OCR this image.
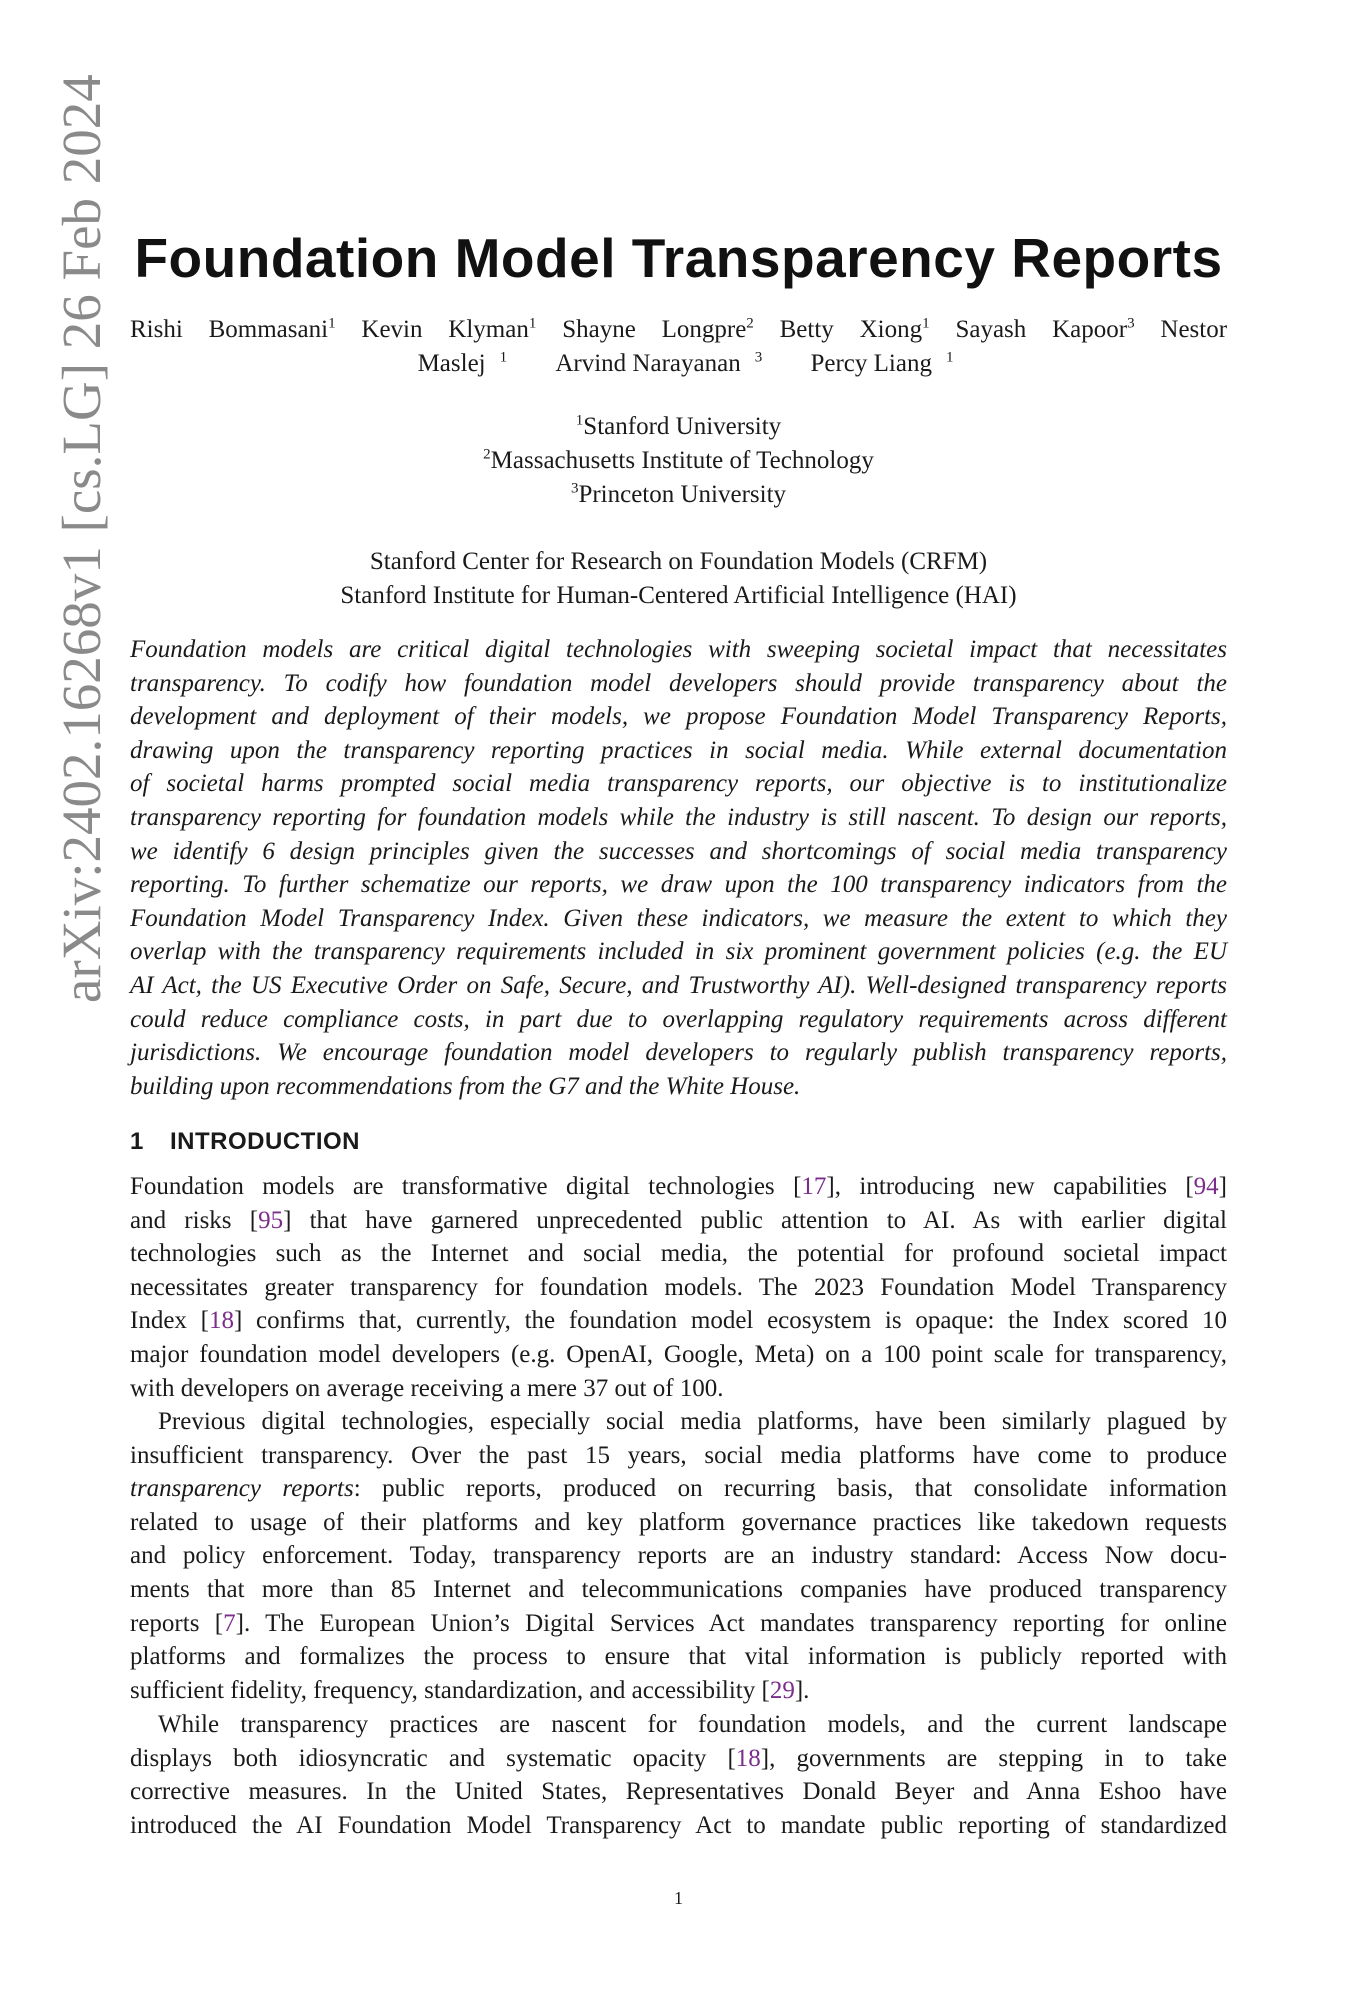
arXiv:2402.16268v1 [cs.LG] 26 Feb 2024 Foundation Model Transparency Reports
Rishi Bommasani$^1$ Kevin Klyman$^1$ Shayne Longpre$^2$ Betty Xiong$^1$ Sayash Kapoor$^3$ Nestor
Maslej $^1$ Arvind Narayanan $^3$ Percy Liang $^1$
$^1$Stanford University
$^2$Massachusetts Institute of Technology
$^3$Princeton University
Stanford Center for Research on Foundation Models (CRFM)
Stanford Institute for Human-Centered Artificial Intelligence (HAI)
Foundation models are critical digital technologies with sweeping societal impact that necessitates
transparency. To codify how foundation model developers should provide transparency about the
development and deployment of their models, we propose Foundation Model Transparency Reports,
drawing upon the transparency reporting practices in social media. While external documentation
of societal harms prompted social media transparency reports, our objective is to institutionalize
transparency reporting for foundation models while the industry is still nascent. To design our reports,
we identify 6 design principles given the successes and shortcomings of social media transparency
reporting. To further schematize our reports, we draw upon the 100 transparency indicators from the
Foundation Model Transparency Index. Given these indicators, we measure the extent to which they
overlap with the transparency requirements included in six prominent government policies (e.g. the EU
AI Act, the US Executive Order on Safe, Secure, and Trustworthy AI). Well-designed transparency reports
could reduce compliance costs, in part due to overlapping regulatory requirements across different
jurisdictions. We encourage foundation model developers to regularly publish transparency reports,
building upon recommendations from the G7 and the White House.
1 INTRODUCTION
Foundation models are transformative digital technologies [17], introducing new capabilities [94]
and risks [95] that have garnered unprecedented public attention to AI. As with earlier digital
technologies such as the Internet and social media, the potential for profound societal impact
necessitates greater transparency for foundation models. The 2023 Foundation Model Transparency
Index [18] confirms that, currently, the foundation model ecosystem is opaque: the Index scored 10
major foundation model developers (e.g. OpenAI, Google, Meta) on a 100 point scale for transparency,
with developers on average receiving a mere 37 out of 100.
Previous digital technologies, especially social media platforms, have been similarly plagued by
insufficient transparency. Over the past 15 years, social media platforms have come to produce
transparency reports: public reports, produced on recurring basis, that consolidate information
related to usage of their platforms and key platform governance practices like takedown requests
and policy enforcement. Today, transparency reports are an industry standard: Access Now docu-
ments that more than 85 Internet and telecommunications companies have produced transparency
reports [7]. The European Union’s Digital Services Act mandates transparency reporting for online
platforms and formalizes the process to ensure that vital information is publicly reported with
sufficient fidelity, frequency, standardization, and accessibility [29].
While transparency practices are nascent for foundation models, and the current landscape
displays both idiosyncratic and systematic opacity [18], governments are stepping in to take
corrective measures. In the United States, Representatives Donald Beyer and Anna Eshoo have
introduced the AI Foundation Model Transparency Act to mandate public reporting of standardized
1
